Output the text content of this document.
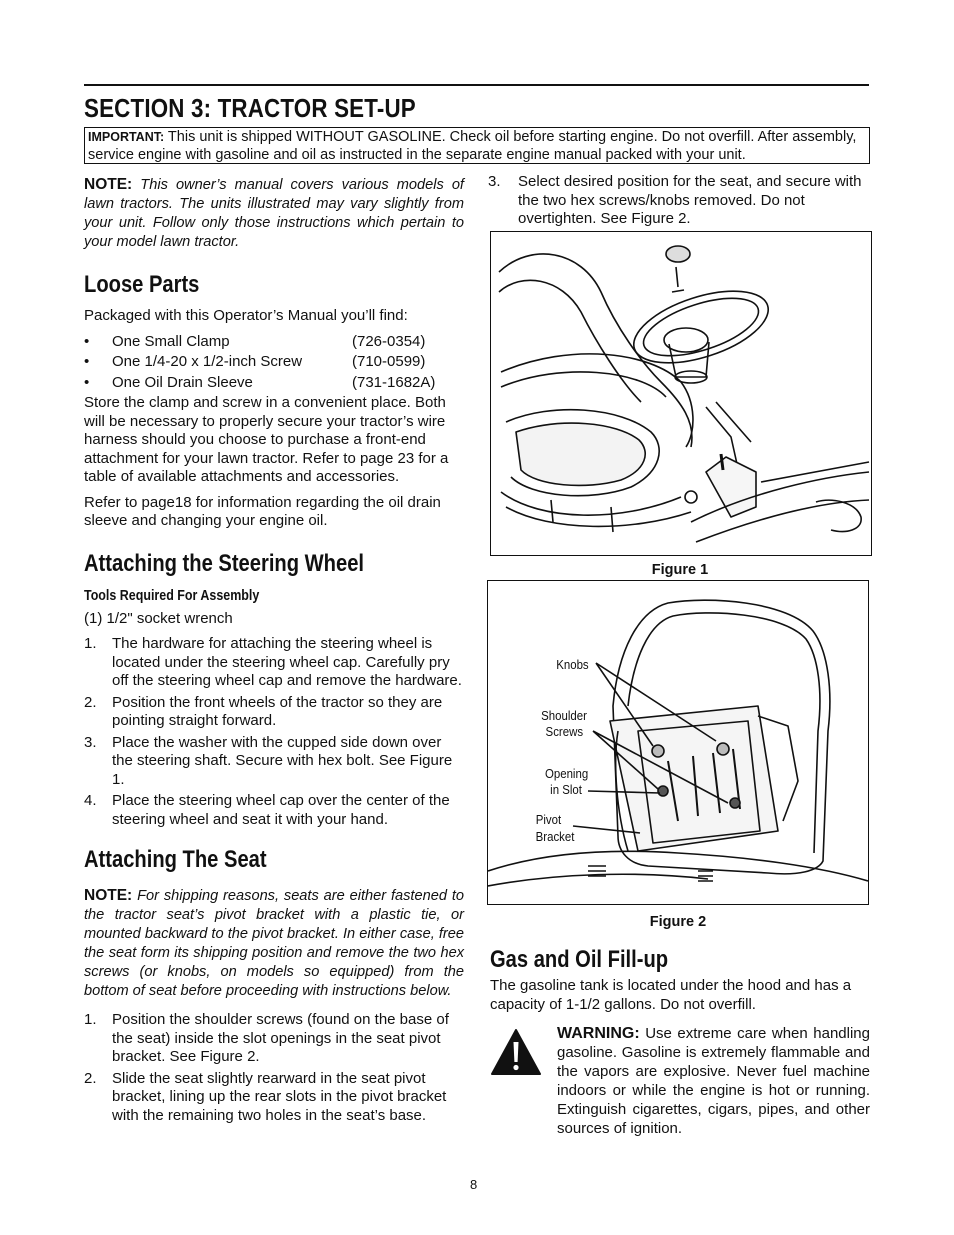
SECTION 3: TRACTOR SET-UP
IMPORTANT: This unit is shipped WITHOUT GASOLINE. Check oil before starting engine. Do not overfill. After assembly, service engine with gasoline and oil as instructed in the separate engine manual packed with your unit.

NOTE: This owner’s manual covers various models of lawn tractors. The units illustrated may vary slightly from your unit. Follow only those instructions which pertain to your model lawn tractor.

Loose Parts

Packaged with this Operator’s Manual you’ll find:

• One Small Clamp	(726-0354)
• One 1/4-20 x 1/2-inch Screw	(710-0599)
• One Oil Drain Sleeve	(731-1682A)

Store the clamp and screw in a convenient place. Both will be necessary to properly secure your tractor’s wire harness should you choose to purchase a front-end attachment for your lawn tractor. Refer to page 23 for a table of available attachments and accessories.

Refer to page18 for information regarding the oil drain sleeve and changing your engine oil.

Attaching the Steering Wheel
Tools Required For Assembly

(1) 1/2" socket wrench

1. The hardware for attaching the steering wheel is located under the steering wheel cap. Carefully pry off the steering wheel cap and remove the hardware.
2. Position the front wheels of the tractor so they are pointing straight forward.
3. Place the washer with the cupped side down over the steering shaft. Secure with hex bolt. See Figure 1.
4. Place the steering wheel cap over the center of the steering wheel and seat it with your hand.
Attaching The Seat

NOTE: For shipping reasons, seats are either fastened to the tractor seat’s pivot bracket with a plastic tie, or mounted backward to the pivot bracket. In either case, free the seat form its shipping position and remove the two hex screws (or knobs, on models so equipped) from the bottom of seat before proceeding with instructions below.

1. Position the shoulder screws (found on the base of the seat) inside the slot openings in the seat pivot bracket. See Figure 2.
2. Slide the seat slightly rearward in the seat pivot bracket, lining up the rear slots in the pivot bracket with the remaining two holes in the seat’s base.
3. Select desired position for the seat, and secure with the two hex screws/knobs removed. Do not overtighten. See Figure 2.
Figure 1
Knobs
Shoulder
Screws
Opening
in Slot
Pivot
Bracket
Figure 2
Gas and Oil Fill-up

The gasoline tank is located under the hood and has a capacity of 1-1/2 gallons. Do not overfill.

WARNING: Use extreme care when handling gasoline. Gasoline is extremely flammable and the vapors are explosive. Never fuel machine indoors or while the engine is hot or running. Extinguish cigarettes, cigars, pipes, and other sources of ignition.

8
